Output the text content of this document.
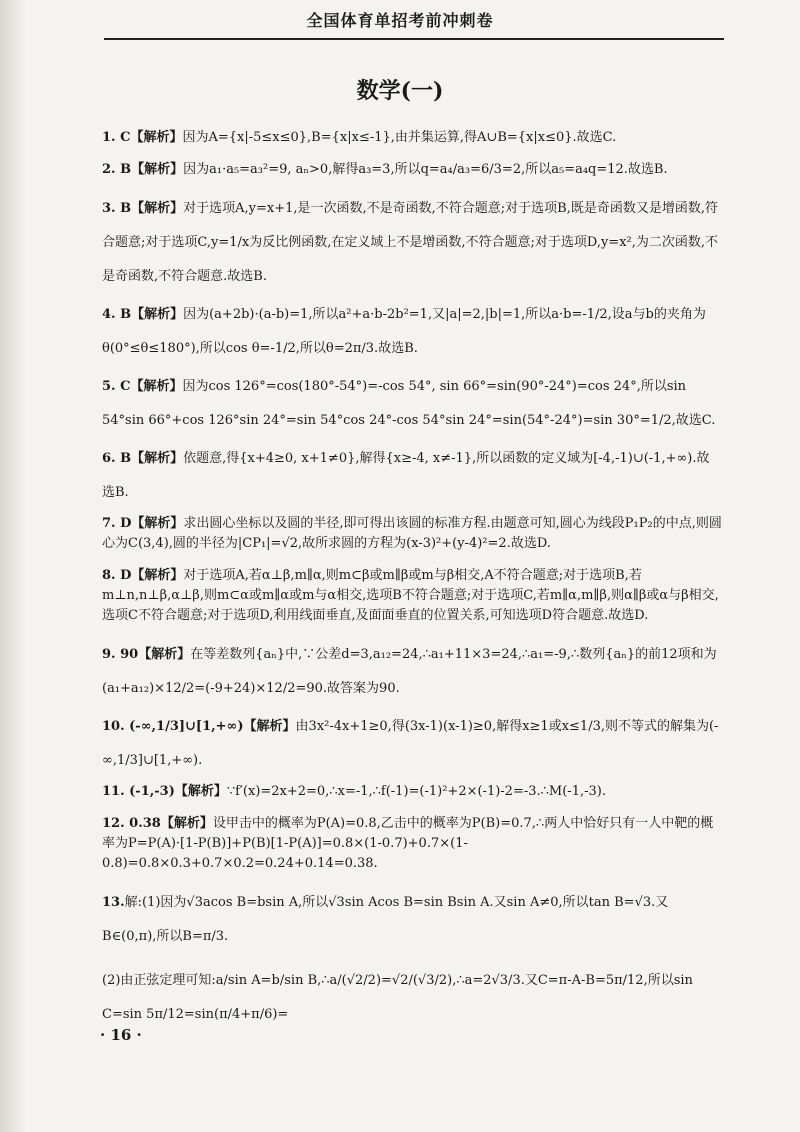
全国体育单招考前冲刺卷
数学(一)
1. C【解析】因为A={x|-5≤x≤0},B={x|x≤-1},由并集运算,得A∪B={x|x≤0}.故选C.
2. B【解析】因为a₁·a₅=a₃²=9, aₙ>0,解得a₃=3,所以q=a₄/a₃=6/3=2,所以a₅=a₄q=12.故选B.
3. B【解析】对于选项A,y=x+1,是一次函数,不是奇函数,不符合题意;对于选项B,既是奇函数又是增函数,符合题意;对于选项C,y=1/x为反比例函数,在定义域上不是增函数,不符合题意;对于选项D,y=x²,为二次函数,不是奇函数,不符合题意.故选B.
4. B【解析】因为(a+2b)·(a-b)=1,所以a²+a·b-2b²=1,又|a|=2,|b|=1,所以a·b=-1/2,设a与b的夹角为θ(0°≤θ≤180°),所以cos θ=-1/2,所以θ=2π/3.故选B.
5. C【解析】因为cos 126°=cos(180°-54°)=-cos 54°, sin 66°=sin(90°-24°)=cos 24°,所以sin 54°sin 66°+cos 126°sin 24°=sin 54°cos 24°-cos 54°sin 24°=sin(54°-24°)=sin 30°=1/2,故选C.
6. B【解析】依题意,得{x+4≥0, x+1≠0},解得{x≥-4, x≠-1},所以函数的定义域为[-4,-1)∪(-1,+∞).故选B.
7. D【解析】求出圆心坐标以及圆的半径,即可得出该圆的标准方程.由题意可知,圆心为线段P₁P₂的中点,则圆心为C(3,4),圆的半径为|CP₁|=√2,故所求圆的方程为(x-3)²+(y-4)²=2.故选D.
8. D【解析】对于选项A,若α⊥β,m∥α,则m⊂β或m∥β或m与β相交,A不符合题意;对于选项B,若m⊥n,n⊥β,α⊥β,则m⊂α或m∥α或m与α相交,选项B不符合题意;对于选项C,若m∥α,m∥β,则α∥β或α与β相交,选项C不符合题意;对于选项D,利用线面垂直,及面面垂直的位置关系,可知选项D符合题意.故选D.
9. 90【解析】在等差数列{aₙ}中,∵公差d=3,a₁₂=24,∴a₁+11×3=24,∴a₁=-9,∴数列{aₙ}的前12项和为(a₁+a₁₂)×12/2=(-9+24)×12/2=90.故答案为90.
10. (-∞,1/3]∪[1,+∞)【解析】由3x²-4x+1≥0,得(3x-1)(x-1)≥0,解得x≥1或x≤1/3,则不等式的解集为(-∞,1/3]∪[1,+∞).
11. (-1,-3)【解析】∵f′(x)=2x+2=0,∴x=-1,∴f(-1)=(-1)²+2×(-1)-2=-3.∴M(-1,-3).
12. 0.38【解析】设甲击中的概率为P(A)=0.8,乙击中的概率为P(B)=0.7,∴两人中恰好只有一人中靶的概率为P=P(A)·[1-P(B)]+P(B)[1-P(A)]=0.8×(1-0.7)+0.7×(1-0.8)=0.8×0.3+0.7×0.2=0.24+0.14=0.38.
13.解:(1)因为√3acos B=bsin A,所以√3sin Acos B=sin Bsin A.又sin A≠0,所以tan B=√3.又B∈(0,π),所以B=π/3.
(2)由正弦定理可知:a/sin A=b/sin B,∴a/(√2/2)=√2/(√3/2),∴a=2√3/3.又C=π-A-B=5π/12,所以sin C=sin 5π/12=sin(π/4+π/6)=
· 16 ·
